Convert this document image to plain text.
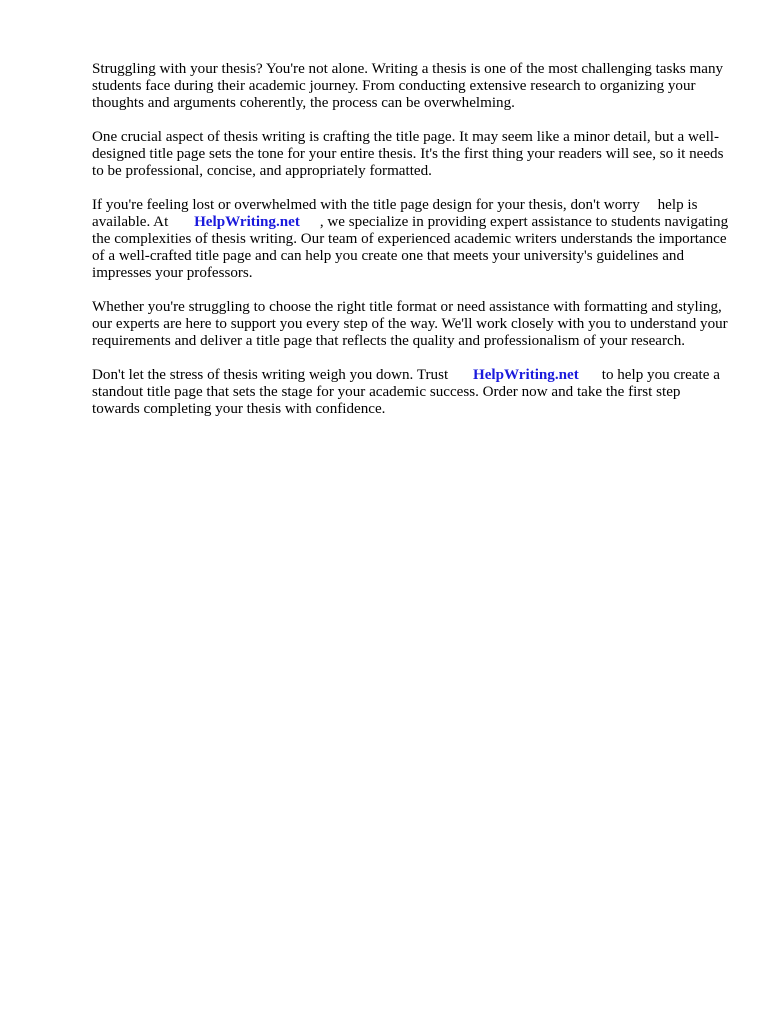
Struggling with your thesis? You're not alone. Writing a thesis is one of the most challenging tasks many students face during their academic journey. From conducting extensive research to organizing your thoughts and arguments coherently, the process can be overwhelming.

One crucial aspect of thesis writing is crafting the title page. It may seem like a minor detail, but a well-designed title page sets the tone for your entire thesis. It's the first thing your readers will see, so it needs to be professional, concise, and appropriately formatted.

If you're feeling lost or overwhelmed with the title page design for your thesis, don't worry help is available. At HelpWriting.net , we specialize in providing expert assistance to students navigating the complexities of thesis writing. Our team of experienced academic writers understands the importance of a well-crafted title page and can help you create one that meets your university's guidelines and impresses your professors.

Whether you're struggling to choose the right title format or need assistance with formatting and styling, our experts are here to support you every step of the way. We'll work closely with you to understand your requirements and deliver a title page that reflects the quality and professionalism of your research.

Don't let the stress of thesis writing weigh you down. Trust HelpWriting.net to help you create a standout title page that sets the stage for your academic success. Order now and take the first step towards completing your thesis with confidence.
